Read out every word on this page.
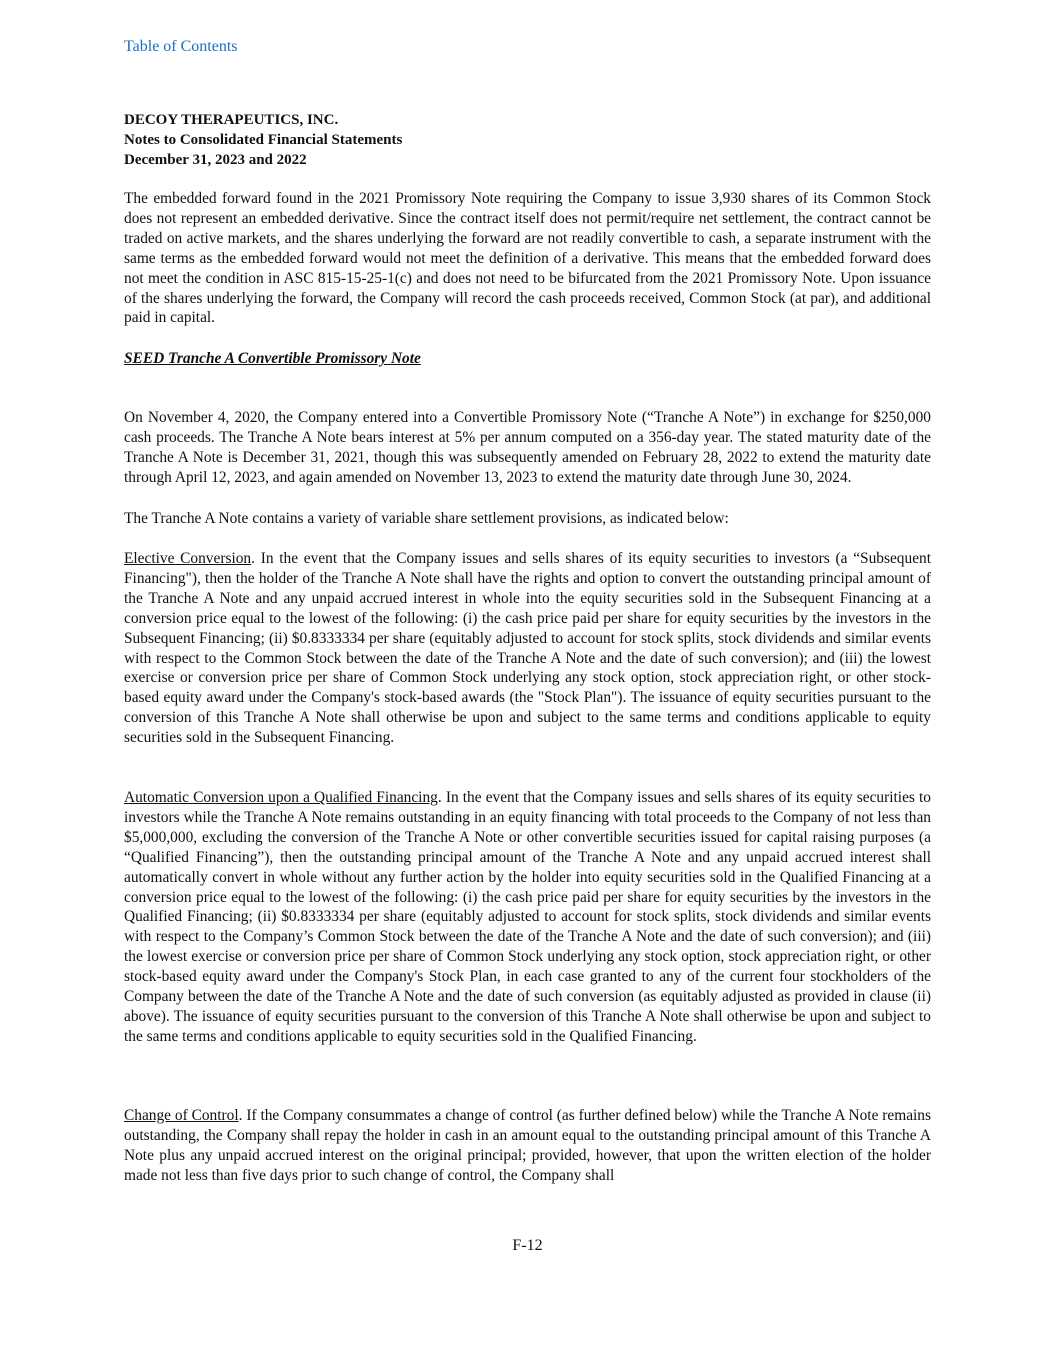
Table of Contents
DECOY THERAPEUTICS, INC.
Notes to Consolidated Financial Statements
December 31, 2023 and 2022

The embedded forward found in the 2021 Promissory Note requiring the Company to issue 3,930 shares of its Common Stock does not represent an embedded derivative. Since the contract itself does not permit/require net settlement, the contract cannot be traded on active markets, and the shares underlying the forward are not readily convertible to cash, a separate instrument with the same terms as the embedded forward would not meet the definition of a derivative. This means that the embedded forward does not meet the condition in ASC 815-15-25-1(c) and does not need to be bifurcated from the 2021 Promissory Note. Upon issuance of the shares underlying the forward, the Company will record the cash proceeds received, Common Stock (at par), and additional paid in capital.

SEED Tranche A Convertible Promissory Note

On November 4, 2020, the Company entered into a Convertible Promissory Note (“Tranche A Note”) in exchange for $250,000 cash proceeds. The Tranche A Note bears interest at 5% per annum computed on a 356-day year. The stated maturity date of the Tranche A Note is December 31, 2021, though this was subsequently amended on February 28, 2022 to extend the maturity date through April 12, 2023, and again amended on November 13, 2023 to extend the maturity date through June 30, 2024.

The Tranche A Note contains a variety of variable share settlement provisions, as indicated below:

Elective Conversion. In the event that the Company issues and sells shares of its equity securities to investors (a “Subsequent Financing"), then the holder of the Tranche A Note shall have the rights and option to convert the outstanding principal amount of the Tranche A Note and any unpaid accrued interest in whole into the equity securities sold in the Subsequent Financing at a conversion price equal to the lowest of the following: (i) the cash price paid per share for equity securities by the investors in the Subsequent Financing; (ii) $0.8333334 per share (equitably adjusted to account for stock splits, stock dividends and similar events with respect to the Common Stock between the date of the Tranche A Note and the date of such conversion); and (iii) the lowest exercise or conversion price per share of Common Stock underlying any stock option, stock appreciation right, or other stock-based equity award under the Company's stock-based awards (the "Stock Plan"). The issuance of equity securities pursuant to the conversion of this Tranche A Note shall otherwise be upon and subject to the same terms and conditions applicable to equity securities sold in the Subsequent Financing.

Automatic Conversion upon a Qualified Financing. In the event that the Company issues and sells shares of its equity securities to investors while the Tranche A Note remains outstanding in an equity financing with total proceeds to the Company of not less than $5,000,000, excluding the conversion of the Tranche A Note or other convertible securities issued for capital raising purposes (a “Qualified Financing”), then the outstanding principal amount of the Tranche A Note and any unpaid accrued interest shall automatically convert in whole without any further action by the holder into equity securities sold in the Qualified Financing at a conversion price equal to the lowest of the following: (i) the cash price paid per share for equity securities by the investors in the Qualified Financing; (ii) $0.8333334 per share (equitably adjusted to account for stock splits, stock dividends and similar events with respect to the Company’s Common Stock between the date of the Tranche A Note and the date of such conversion); and (iii) the lowest exercise or conversion price per share of Common Stock underlying any stock option, stock appreciation right, or other stock-based equity award under the Company's Stock Plan, in each case granted to any of the current four stockholders of the Company between the date of the Tranche A Note and the date of such conversion (as equitably adjusted as provided in clause (ii) above). The issuance of equity securities pursuant to the conversion of this Tranche A Note shall otherwise be upon and subject to the same terms and conditions applicable to equity securities sold in the Qualified Financing.

Change of Control. If the Company consummates a change of control (as further defined below) while the Tranche A Note remains outstanding, the Company shall repay the holder in cash in an amount equal to the outstanding principal amount of this Tranche A Note plus any unpaid accrued interest on the original principal; provided, however, that upon the written election of the holder made not less than five days prior to such change of control, the Company shall

F-12
